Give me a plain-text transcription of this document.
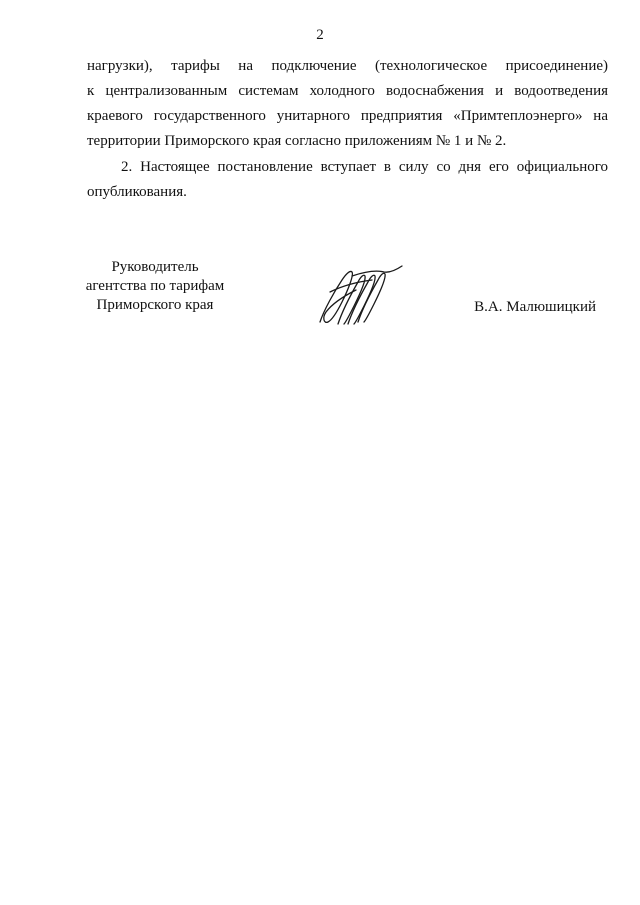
2
нагрузки), тарифы на подключение (технологическое присоединение)
к централизованным системам холодного водоснабжения и водоотведения
краевого государственного унитарного предприятия «Примтеплоэнерго» на
территории Приморского края согласно приложениям № 1 и № 2.
2. Настоящее постановление вступает в силу со дня его официального
опубликования.
Руководитель
агентства по тарифам
Приморского края	В.А. Малюшицкий
